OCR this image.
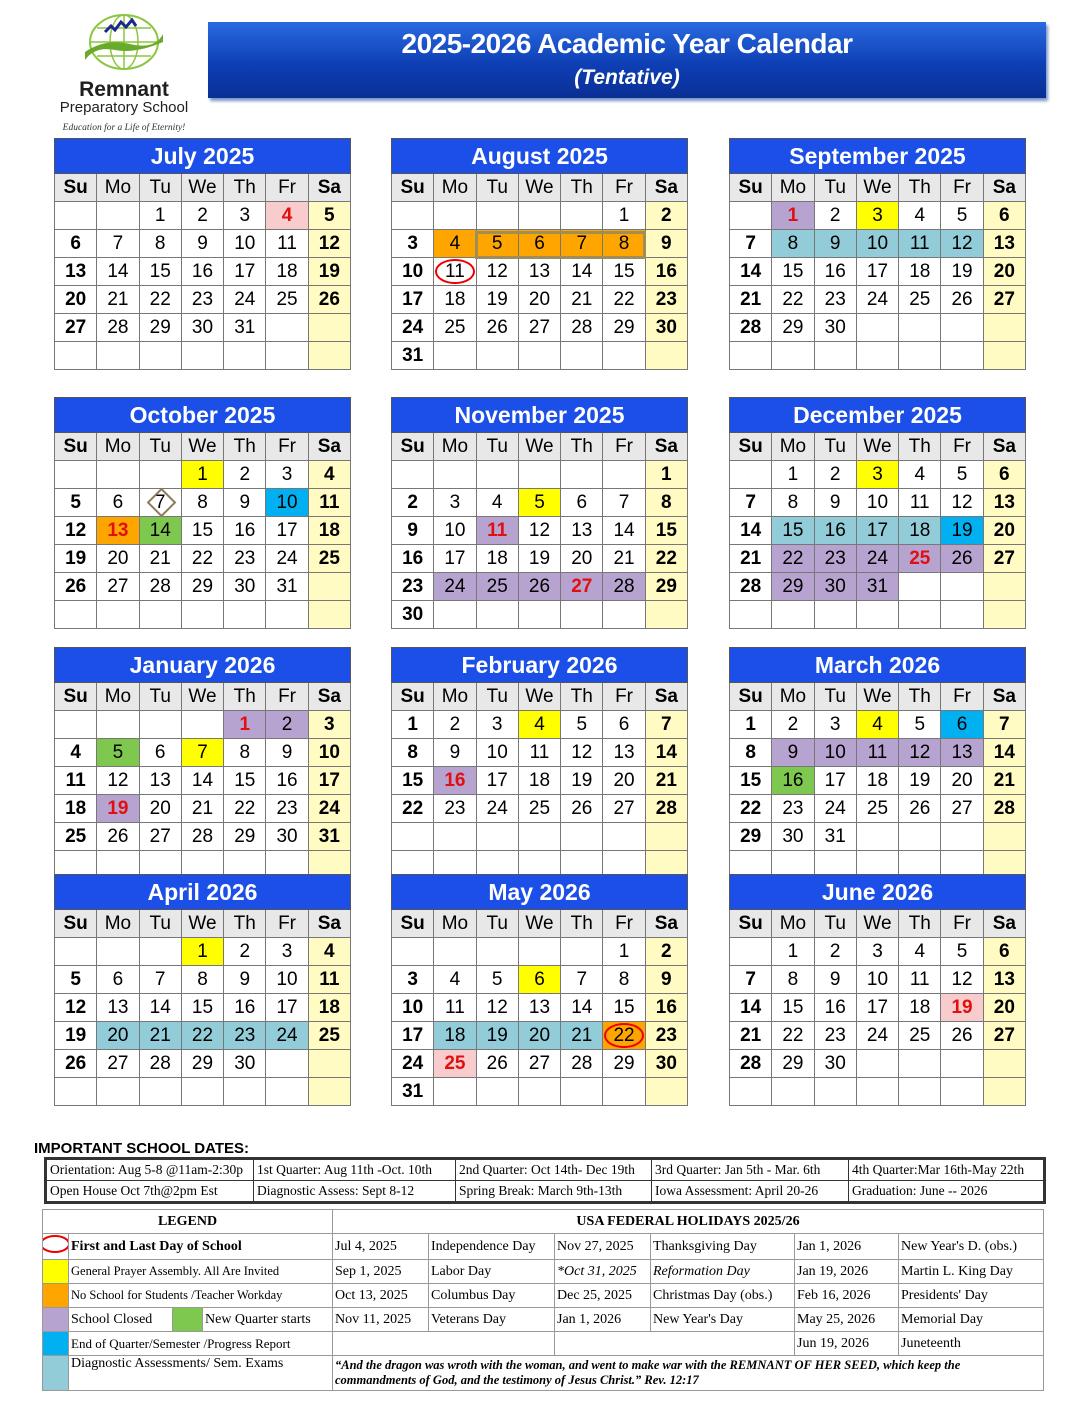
Remnant
Preparatory School
Education for a Life of Eternity!
2025-2026 Academic Year Calendar
(Tentative)
July 2025						
Su	Mo	Tu	We	Th	Fr	Sa
		1	2	3	4	5
6	7	8	9	10	11	12
13	14	15	16	17	18	19
20	21	22	23	24	25	26
27	28	29	30	31		

August 2025						
Su	Mo	Tu	We	Th	Fr	Sa
					1	2
3	4	5	6	7	8	9
10	11	12	13	14	15	16
17	18	19	20	21	22	23
24	25	26	27	28	29	30
31						
September 2025						
Su	Mo	Tu	We	Th	Fr	Sa
	1	2	3	4	5	6
7	8	9	10	11	12	13
14	15	16	17	18	19	20
21	22	23	24	25	26	27
28	29	30				

October 2025						
Su	Mo	Tu	We	Th	Fr	Sa
			1	2	3	4
5	6	7	8	9	10	11
12	13	14	15	16	17	18
19	20	21	22	23	24	25
26	27	28	29	30	31	

November 2025						
Su	Mo	Tu	We	Th	Fr	Sa
						1
2	3	4	5	6	7	8
9	10	11	12	13	14	15
16	17	18	19	20	21	22
23	24	25	26	27	28	29
30						
December 2025						
Su	Mo	Tu	We	Th	Fr	Sa
	1	2	3	4	5	6
7	8	9	10	11	12	13
14	15	16	17	18	19	20
21	22	23	24	25	26	27
28	29	30	31			

January 2026						
Su	Mo	Tu	We	Th	Fr	Sa
				1	2	3
4	5	6	7	8	9	10
11	12	13	14	15	16	17
18	19	20	21	22	23	24
25	26	27	28	29	30	31

February 2026						
Su	Mo	Tu	We	Th	Fr	Sa
1	2	3	4	5	6	7
8	9	10	11	12	13	14
15	16	17	18	19	20	21
22	23	24	25	26	27	28

March 2026						
Su	Mo	Tu	We	Th	Fr	Sa
1	2	3	4	5	6	7
8	9	10	11	12	13	14
15	16	17	18	19	20	21
22	23	24	25	26	27	28
29	30	31				

April 2026						
Su	Mo	Tu	We	Th	Fr	Sa
			1	2	3	4
5	6	7	8	9	10	11
12	13	14	15	16	17	18
19	20	21	22	23	24	25
26	27	28	29	30		

May 2026						
Su	Mo	Tu	We	Th	Fr	Sa
					1	2
3	4	5	6	7	8	9
10	11	12	13	14	15	16
17	18	19	20	21	22	23
24	25	26	27	28	29	30
31						
June 2026						
Su	Mo	Tu	We	Th	Fr	Sa
	1	2	3	4	5	6
7	8	9	10	11	12	13
14	15	16	17	18	19	20
21	22	23	24	25	26	27
28	29	30				

IMPORTANT SCHOOL DATES:
Orientation: Aug 5-8 @11am-2:30p	1st Quarter: Aug 11th -Oct. 10th	2nd Quarter: Oct 14th- Dec 19th	3rd Quarter: Jan 5th - Mar. 6th	4th Quarter:Mar 16th-May 22th
Open House Oct 7th@2pm Est	Diagnostic Assess: Sept 8-12	Spring Break: March 9th-13th	Iowa Assessment: April 20-26	Graduation: June -- 2026
LEGEND				USA FEDERAL HOLIDAYS 2025/26					
	First and Last Day of School			Jul 4, 2025	Independence Day	Nov 27, 2025	Thanksgiving Day	Jan 1, 2026	New Year's D. (obs.)
	General Prayer Assembly. All Are Invited			Sep 1, 2025	Labor Day	*Oct 31, 2025	Reformation Day	Jan 19, 2026	Martin L. King Day
	No School for Students /Teacher Workday			Oct 13, 2025	Columbus Day	Dec 25, 2025	Christmas Day (obs.)	Feb 16, 2026	Presidents' Day
	School Closed		New Quarter starts	Nov 11, 2025	Veterans Day	Jan 1, 2026	New Year's Day	May 25, 2026	Memorial Day
	End of Quarter/Semester /Progress Report							Jun 19, 2026	Juneteenth
	Diagnostic Assessments/ Sem. Exams			“And the dragon was wroth with the woman, and went to make war with the REMNANT OF HER SEED, which keep the commandments of God, and the testimony of Jesus Christ.” Rev. 12:17					
